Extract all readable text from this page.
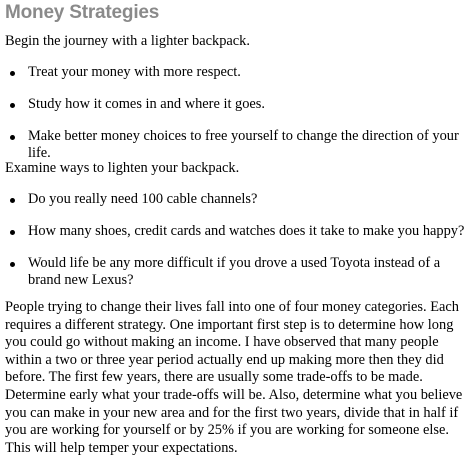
Money Strategies

Begin the journey with a lighter backpack.

Treat your money with more respect.
Study how it comes in and where it goes.
Make better money choices to free yourself to change the direction of your life.

Examine ways to lighten your backpack.

Do you really need 100 cable channels?
How many shoes, credit cards and watches does it take to make you happy?
Would life be any more difficult if you drove a used Toyota instead of a brand new Lexus?

People trying to change their lives fall into one of four money categories. Each requires a different strategy. One important first step is to determine how long you could go without making an income. I have observed that many people within a two or three year period actually end up making more then they did before. The first few years, there are usually some trade-offs to be made. Determine early what your trade-offs will be. Also, determine what you believe you can make in your new area and for the first two years, divide that in half if you are working for yourself or by 25% if you are working for someone else. This will help temper your expectations.
